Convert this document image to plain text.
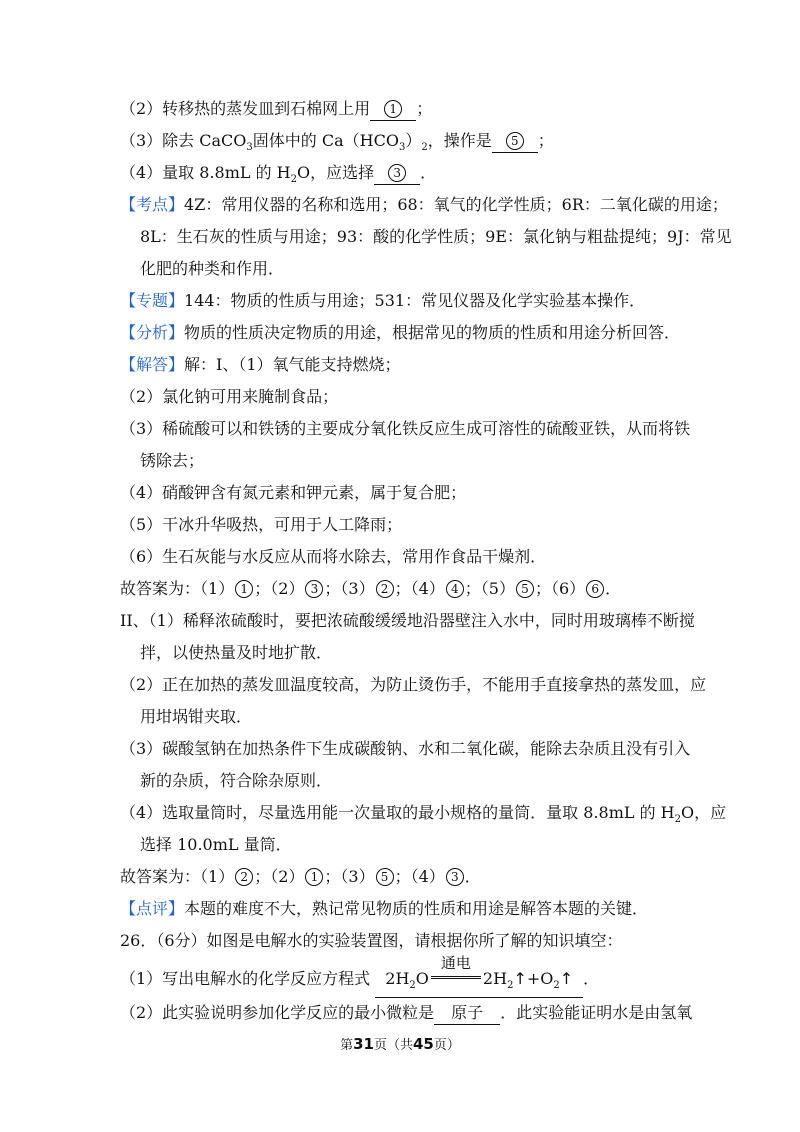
（2）转移热的蒸发皿到石棉网上用 1 ；
（3）除去 CaCO$_3$固体中的 $Ca(HCO_3)_2$，操作是 5 ；
（4）量取 8.8mL 的 $H_2O$，应选择 3 ．
【考点】4Z：常用仪器的名称和选用；68：氧气的化学性质；6R：二氧化碳的用途；
8L：生石灰的性质与用途；93：酸的化学性质；9E：氯化钠与粗盐提纯；9J：常见
化肥的种类和作用．
【专题】144：物质的性质与用途；531：常见仪器及化学实验基本操作．
【分析】物质的性质决定物质的用途，根据常见的物质的性质和用途分析回答．
【解答】解：I、（1）氧气能支持燃烧；
（2）氯化钠可用来腌制食品；
（3）稀硫酸可以和铁锈的主要成分氧化铁反应生成可溶性的硫酸亚铁，从而将铁
锈除去；
（4）硝酸钾含有氮元素和钾元素，属于复合肥；
（5）干冰升华吸热，可用于人工降雨；
（6）生石灰能与水反应从而将水除去，常用作食品干燥剂．
故答案为：（1） 1 ；（2） 3 ；（3） 2 ；（4） 4 ；（5） 5 ；（6） 6 ．
II、（1）稀释浓硫酸时，要把浓硫酸缓缓地沿器壁注入水中，同时用玻璃棒不断搅
拌，以使热量及时地扩散．
（2）正在加热的蒸发皿温度较高，为防止烫伤手，不能用手直接拿热的蒸发皿，应
用坩埚钳夹取．
（3）碳酸氢钠在加热条件下生成碳酸钠、水和二氧化碳，能除去杂质且没有引入
新的杂质，符合除杂原则．
（4）选取量筒时，尽量选用能一次量取的最小规格的量筒．量取 8.8mL 的 $H_2O$，应
选择 10.0mL 量筒．
故答案为：（1） 2 ；（2） 1 ；（3） 5 ；（4） 3 ．
【点评】本题的难度不大，熟记常见物质的性质和用途是解答本题的关键．
26．（6分）如图是电解水的实验装置图，请根据你所了解的知识填空：
（1）写出电解水的化学反应方程式 $2H_2O$
通电
$2H_2↑+O_2↑$ ．
（2）此实验说明参加化学反应的最小微粒是 原子 ．此实验能证明水是由氢氧
第31页（共45页）
